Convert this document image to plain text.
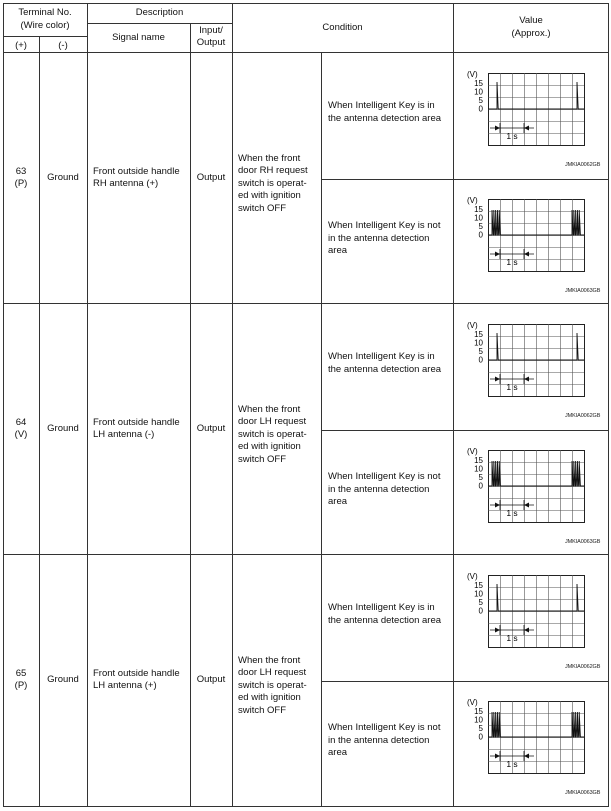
Terminal No.
(Wire color)
(+)	(-)
Description
Signal name
Input/
Output
Condition
Value
(Approx.)
63
(P)
Ground
Front outside handle
RH antenna (+)
Output
When the front
door RH request
switch is operat-
ed with ignition
switch OFF
When Intelligent Key is in
the antenna detection area
(V)
15
10
5
0
1 s
JMKIA0062GB
When Intelligent Key is not
in the antenna detection
area
(V)
15
10
5
0
1 s
JMKIA0063GB
64
(V)
Ground
Front outside handle
LH antenna (-)
Output
When the front
door LH request
switch is operat-
ed with ignition
switch OFF
When Intelligent Key is in
the antenna detection area
(V)
15
10
5
0
1 s
JMKIA0062GB
When Intelligent Key is not
in the antenna detection
area
(V)
15
10
5
0
1 s
JMKIA0063GB
65
(P)
Ground
Front outside handle
LH antenna (+)
Output
When the front
door LH request
switch is operat-
ed with ignition
switch OFF
When Intelligent Key is in
the antenna detection area
(V)
15
10
5
0
1 s
JMKIA0062GB
When Intelligent Key is not
in the antenna detection
area
(V)
15
10
5
0
1 s
JMKIA0063GB
